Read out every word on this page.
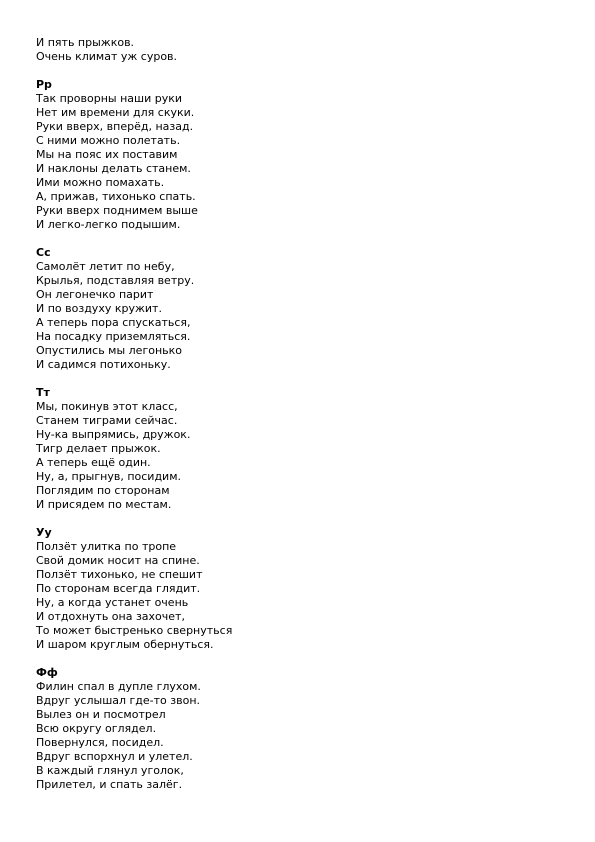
И пять прыжков.
Очень климат уж суров.
Рр
Так проворны наши руки
Нет им времени для скуки.
Руки вверх, вперёд, назад.
С ними можно полетать.
Мы на пояс их поставим
И наклоны делать станем.
Ими можно помахать.
А, прижав, тихонько спать.
Руки вверх поднимем выше
И легко-легко подышим.
Сс
Самолёт летит по небу,
Крылья, подставляя ветру.
Он легонечко парит
И по воздуху кружит.
А теперь пора спускаться,
На посадку приземляться.
Опустились мы легонько
И садимся потихоньку.
Тт
Мы, покинув этот класс,
Станем тиграми сейчас.
Ну-ка выпрямись, дружок.
Тигр делает прыжок.
А теперь ещё один.
Ну, а, прыгнув, посидим.
Поглядим по сторонам
И присядем по местам.
Уу
Ползёт улитка по тропе
Свой домик носит на спине.
Ползёт тихонько, не спешит
По сторонам всегда глядит.
Ну, а когда устанет очень
И отдохнуть она захочет,
То может быстренько свернуться
И шаром круглым обернуться.
Фф
Филин спал в дупле глухом.
Вдруг услышал где-то звон.
Вылез он и посмотрел
Всю округу оглядел.
Повернулся, посидел.
Вдруг вспорхнул и улетел.
В каждый глянул уголок,
Прилетел, и спать залёг.
